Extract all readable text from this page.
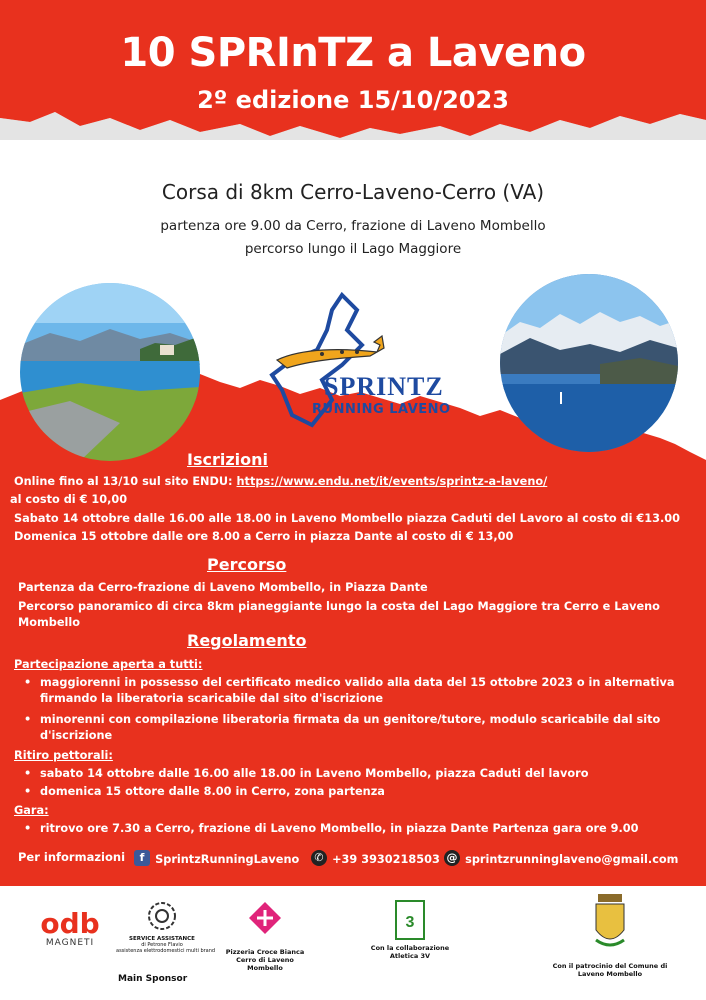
10 SPRInTZ a Laveno
2º edizione 15/10/2023
Corsa di 8km Cerro-Laveno-Cerro (VA)
partenza ore 9.00 da Cerro, frazione di Laveno Mombello
percorso lungo il Lago Maggiore
SPRINTZ
RUNNING LAVENO
Iscrizioni
Online fino al 13/10 sul sito ENDU: https://www.endu.net/it/events/sprintz-a-laveno/
al costo di € 10,00
Sabato 14 ottobre dalle 16.00 alle 18.00 in Laveno Mombello piazza Caduti del Lavoro al costo di €13.00
Domenica 15 ottobre dalle ore 8.00 a Cerro in piazza Dante al costo di € 13,00
Percorso
Partenza da Cerro-frazione di Laveno Mombello, in Piazza Dante
Percorso panoramico di circa 8km pianeggiante lungo la costa del Lago Maggiore tra Cerro e Laveno Mombello
Regolamento
Partecipazione aperta a tutti:
• maggiorenni in possesso del certificato medico valido alla data del 15 ottobre 2023 o in alternativa firmando la liberatoria scaricabile dal sito d'iscrizione
• minorenni con compilazione liberatoria firmata da un genitore/tutore, modulo scaricabile dal sito d'iscrizione
Ritiro pettorali:
• sabato 14 ottobre dalle 16.00 alle 18.00 in Laveno Mombello, piazza Caduti del lavoro
• domenica 15 ottore dalle 8.00 in Cerro, zona partenza
Gara:
• ritrovo ore 7.30 a Cerro, frazione di Laveno Mombello, in piazza Dante Partenza gara ore 9.00
Per informazioni	f SprintzRunningLaveno	✆ +39 3930218503 @ sprintzrunninglaveno@gmail.com
odb
MAGNETI	SERVICE ASSISTANCE
di Petrone Flavio
assistenza elettrodomestici multi brand	Pizzeria Croce Bianca
Cerro di Laveno Mombello
3
Con la collaborazione
Atletica 3V
Con il patrocinio del Comune di
Laveno Mombello
Main Sponsor
